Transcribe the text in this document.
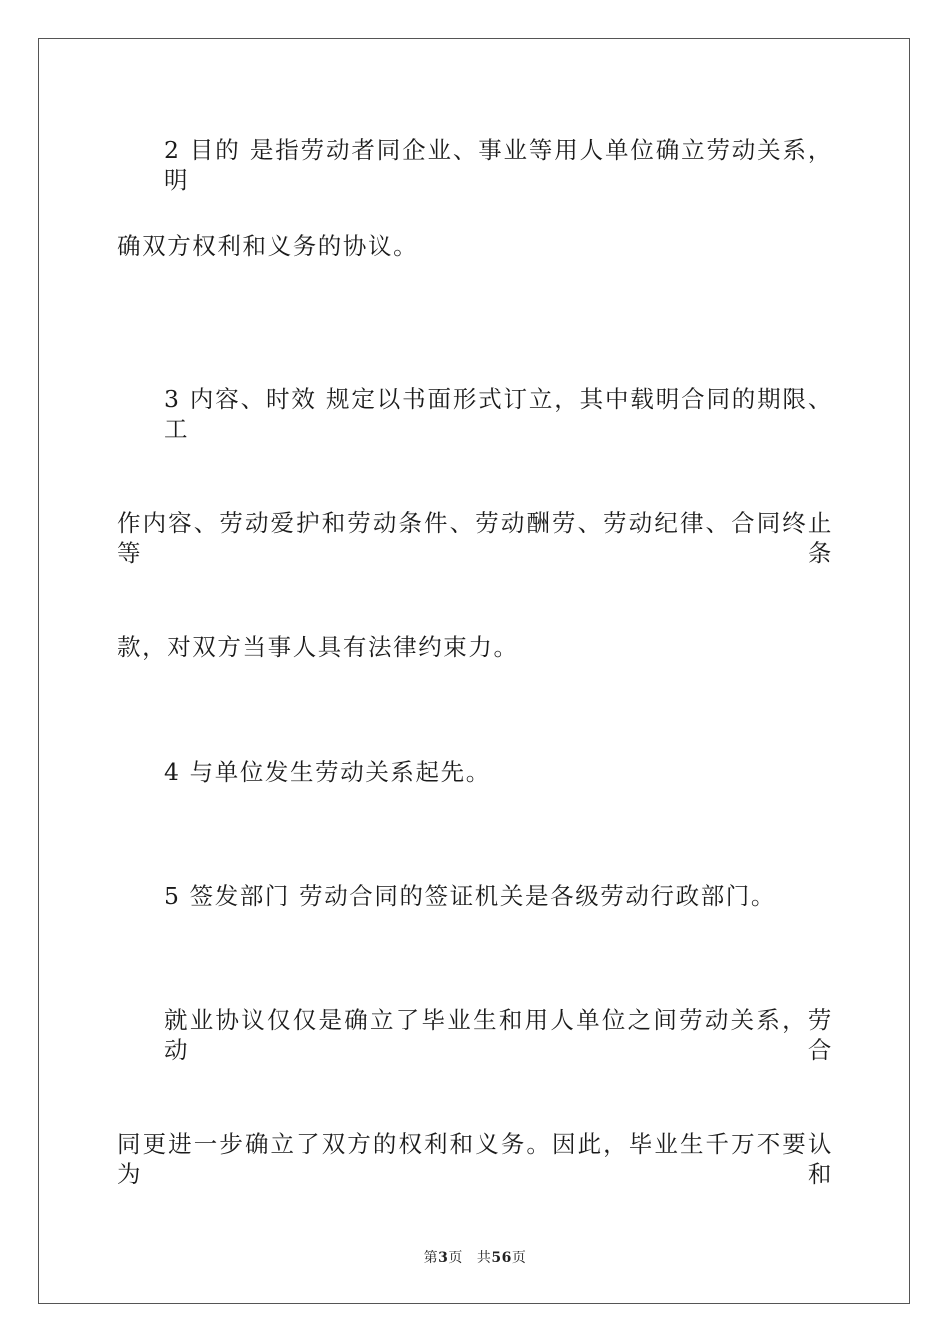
2 目的 是指劳动者同企业、事业等用人单位确立劳动关系，明
确双方权利和义务的协议。
3 内容、时效 规定以书面形式订立，其中载明合同的期限、工
作内容、劳动爱护和劳动条件、劳动酬劳、劳动纪律、合同终止等条
款，对双方当事人具有法律约束力。
4 与单位发生劳动关系起先。
5 签发部门 劳动合同的签证机关是各级劳动行政部门。
就业协议仅仅是确立了毕业生和用人单位之间劳动关系，劳动合
同更进一步确立了双方的权利和义务。因此，毕业生千万不要认为和
第3页 共56页
